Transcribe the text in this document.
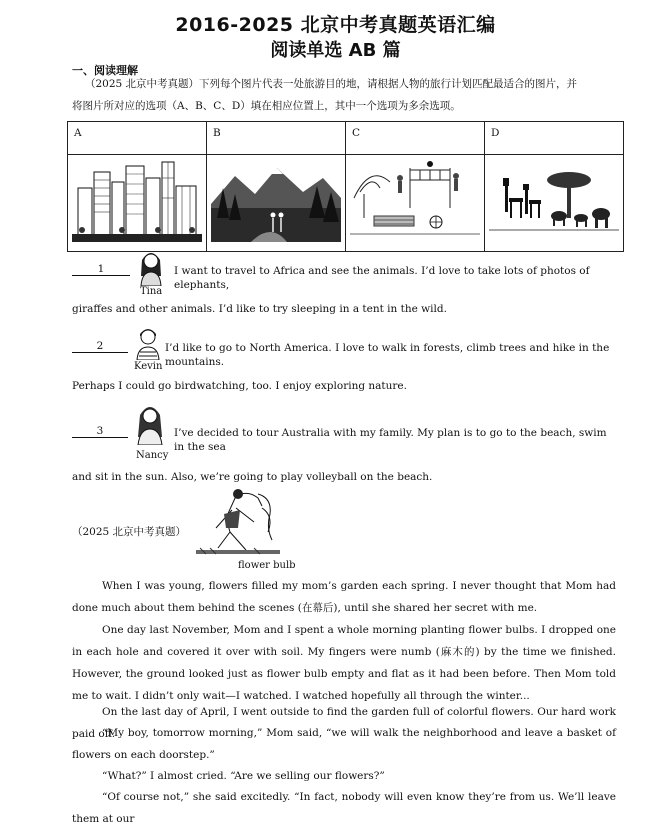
2016-2025 北京中考真题英语汇编
阅读单选 AB 篇
一、阅读理解
（2025 北京中考真题）下列每个图片代表一处旅游目的地，请根据人物的旅行计划匹配最适合的图片，并
将图片所对应的选项（A、B、C、D）填在相应位置上，其中一个选项为多余选项。
A	B	C	D

1
Tina
I want to travel to Africa and see the animals. I’d love to take lots of photos of elephants,
giraffes and other animals. I’d like to try sleeping in a tent in the wild.
2
Kevin
I’d like to go to North America. I love to walk in forests, climb trees and hike in the mountains.
Perhaps I could go birdwatching, too. I enjoy exploring nature.
3
Nancy
I’ve decided to tour Australia with my family. My plan is to go to the beach, swim in the sea
and sit in the sun. Also, we’re going to play volleyball on the beach.
（2025 北京中考真题）
flower bulb
When I was young, flowers filled my mom’s garden each spring. I never thought that Mom had done much about them behind the scenes (在幕后), until she shared her secret with me.
One day last November, Mom and I spent a whole morning planting flower bulbs. I dropped one in each hole and covered it over with soil. My fingers were numb (麻木的) by the time we finished. However, the ground looked just as flower bulb empty and flat as it had been before. Then Mom told me to wait. I didn’t only wait—I watched. I watched hopefully all through the winter...
On the last day of April, I went outside to find the garden full of colorful flowers. Our hard work paid off.
“My boy, tomorrow morning,” Mom said, “we will walk the neighborhood and leave a basket of flowers on each doorstep.”
“What?” I almost cried. “Are we selling our flowers?”
“Of course not,” she said excitedly. “In fact, nobody will even know they’re from us. We’ll leave them at our
